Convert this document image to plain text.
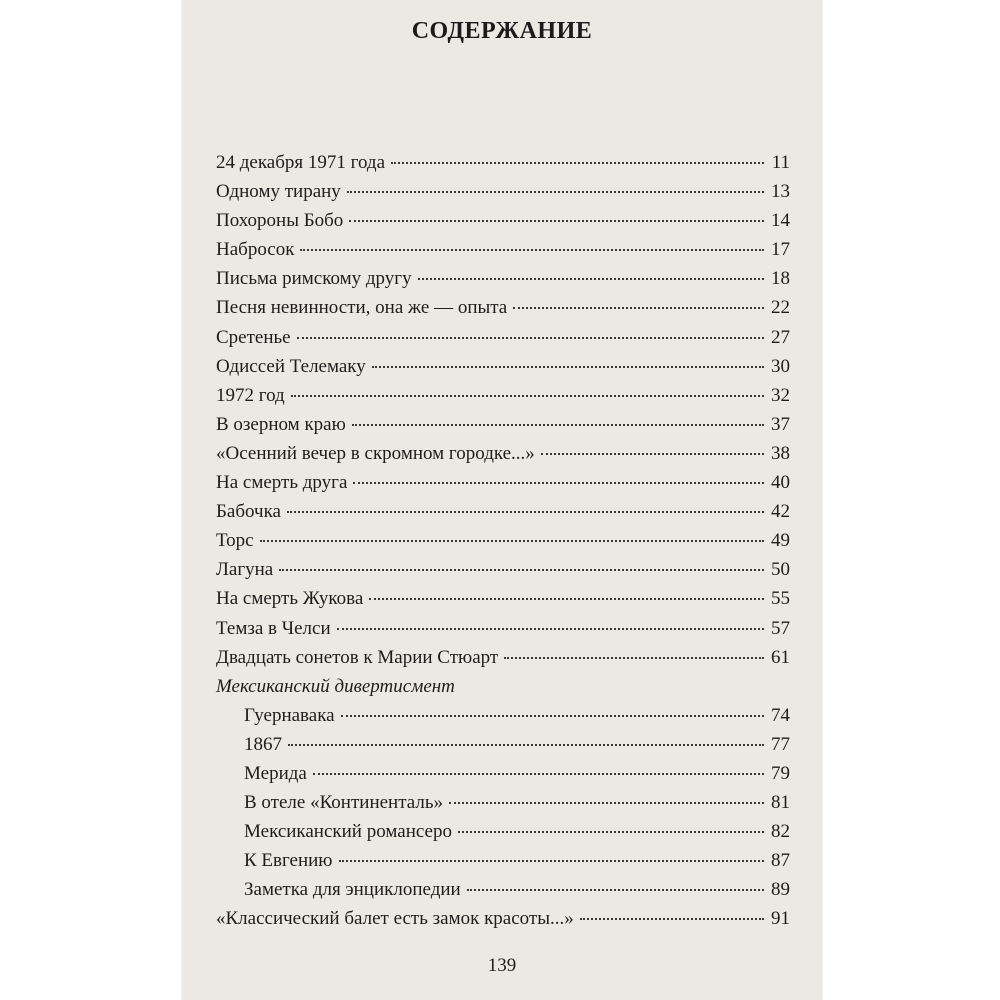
СОДЕРЖАНИЕ
24 декабря 1971 года	11
Одному тирану	13
Похороны Бобо	14
Набросок	17
Письма римскому другу	18
Песня невинности, она же — опыта	22
Сретенье	27
Одиссей Телемаку	30
1972 год	32
В озерном краю	37
«Осенний вечер в скромном городке...»	38
На смерть друга	40
Бабочка	42
Торс	49
Лагуна	50
На смерть Жукова	55
Темза в Челси	57
Двадцать сонетов к Марии Стюарт	61
Мексиканский дивертисмент
Гуернавака	74
1867	77
Мерида	79
В отеле «Континенталь»	81
Мексиканский романсеро	82
К Евгению	87
Заметка для энциклопедии	89
«Классический балет есть замок красоты...»	91
139
